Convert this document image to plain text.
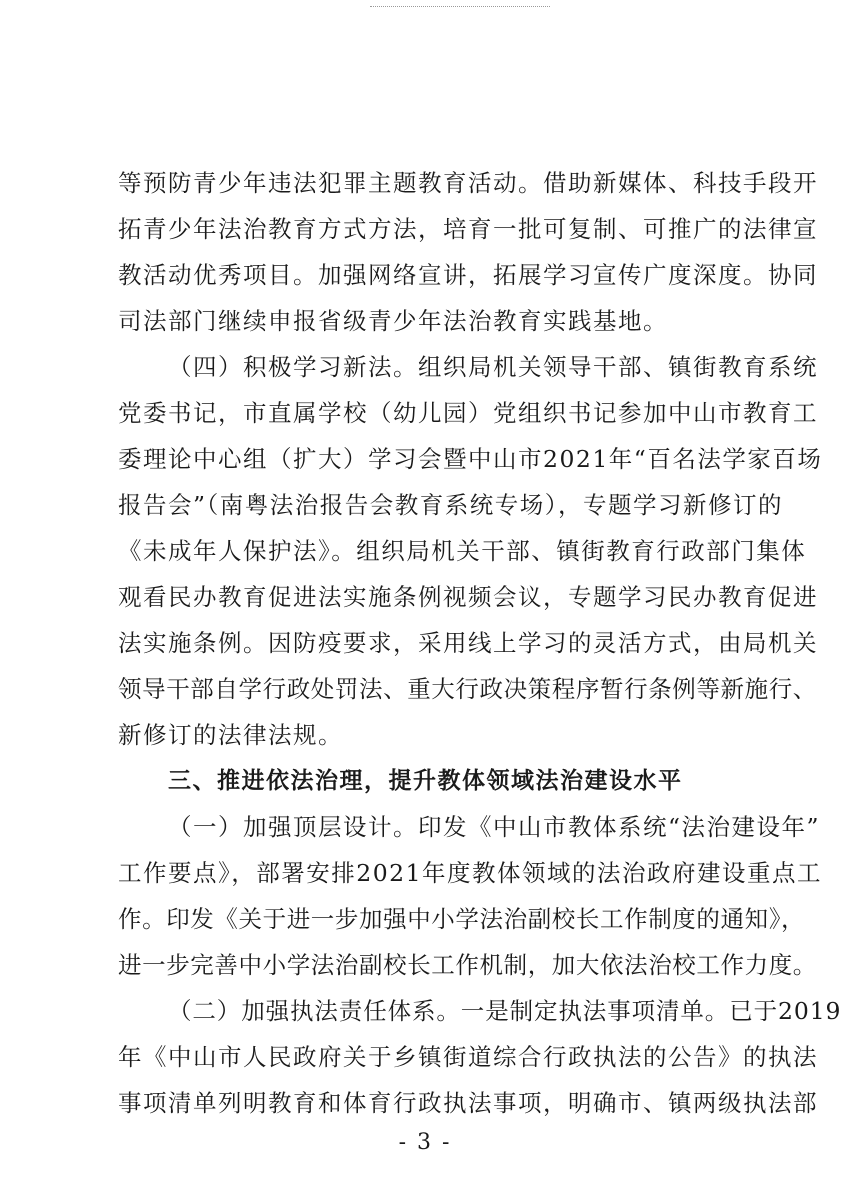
等预防青少年违法犯罪主题教育活动。借助新媒体、科技手段开
拓青少年法治教育方式方法，培育一批可复制、可推广的法律宣
教活动优秀项目。加强网络宣讲，拓展学习宣传广度深度。协同
司法部门继续申报省级青少年法治教育实践基地。
（四）积极学习新法。组织局机关领导干部、镇街教育系统
党委书记，市直属学校（幼儿园）党组织书记参加中山市教育工
委理论中心组（扩大）学习会暨中山市2021年“百名法学家百场
报告会”（南粤法治报告会教育系统专场），专题学习新修订的
《未成年人保护法》。组织局机关干部、镇街教育行政部门集体
观看民办教育促进法实施条例视频会议，专题学习民办教育促进
法实施条例。因防疫要求，采用线上学习的灵活方式，由局机关
领导干部自学行政处罚法、重大行政决策程序暂行条例等新施行、
新修订的法律法规。
三、推进依法治理，提升教体领域法治建设水平
（一）加强顶层设计。印发《中山市教体系统“法治建设年”
工作要点》，部署安排2021年度教体领域的法治政府建设重点工
作。印发《关于进一步加强中小学法治副校长工作制度的通知》，
进一步完善中小学法治副校长工作机制，加大依法治校工作力度。
（二）加强执法责任体系。一是制定执法事项清单。已于2019
年《中山市人民政府关于乡镇街道综合行政执法的公告》的执法
事项清单列明教育和体育行政执法事项，明确市、镇两级执法部
- 3 -
